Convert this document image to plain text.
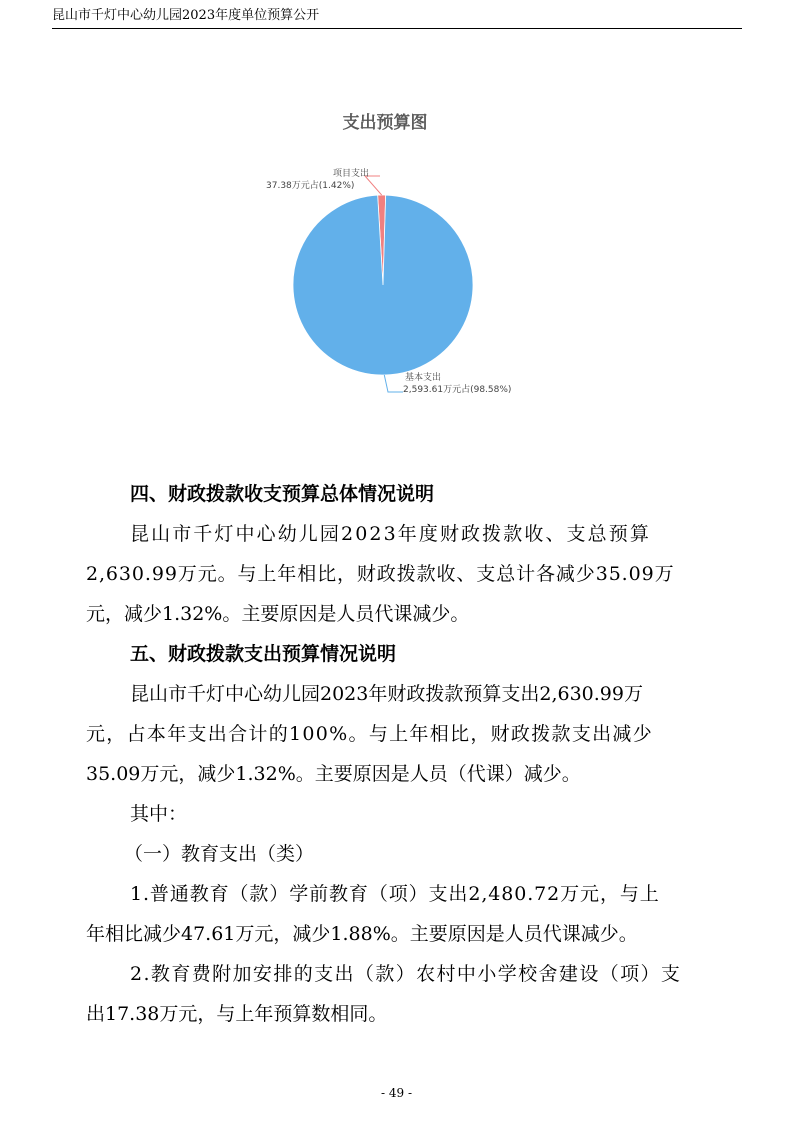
昆山市千灯中心幼儿园2023年度单位预算公开
支出预算图
项目支出
37.38万元占(1.42%)
基本支出
2,593.61万元占(98.58%)

四、财政拨款收支预算总体情况说明

昆山市千灯中心幼儿园2023年度财政拨款收、支总预算

2,630.99万元。与上年相比，财政拨款收、支总计各减少35.09万

元，减少1.32%。主要原因是人员代课减少。

五、财政拨款支出预算情况说明

昆山市千灯中心幼儿园2023年财政拨款预算支出2,630.99万

元，占本年支出合计的100%。与上年相比，财政拨款支出减少

35.09万元，减少1.32%。主要原因是人员（代课）减少。

其中：

（一）教育支出（类）

1.普通教育（款）学前教育（项）支出2,480.72万元，与上

年相比减少47.61万元，减少1.88%。主要原因是人员代课减少。

2.教育费附加安排的支出（款）农村中小学校舍建设（项）支

出17.38万元，与上年预算数相同。

- 49 -
